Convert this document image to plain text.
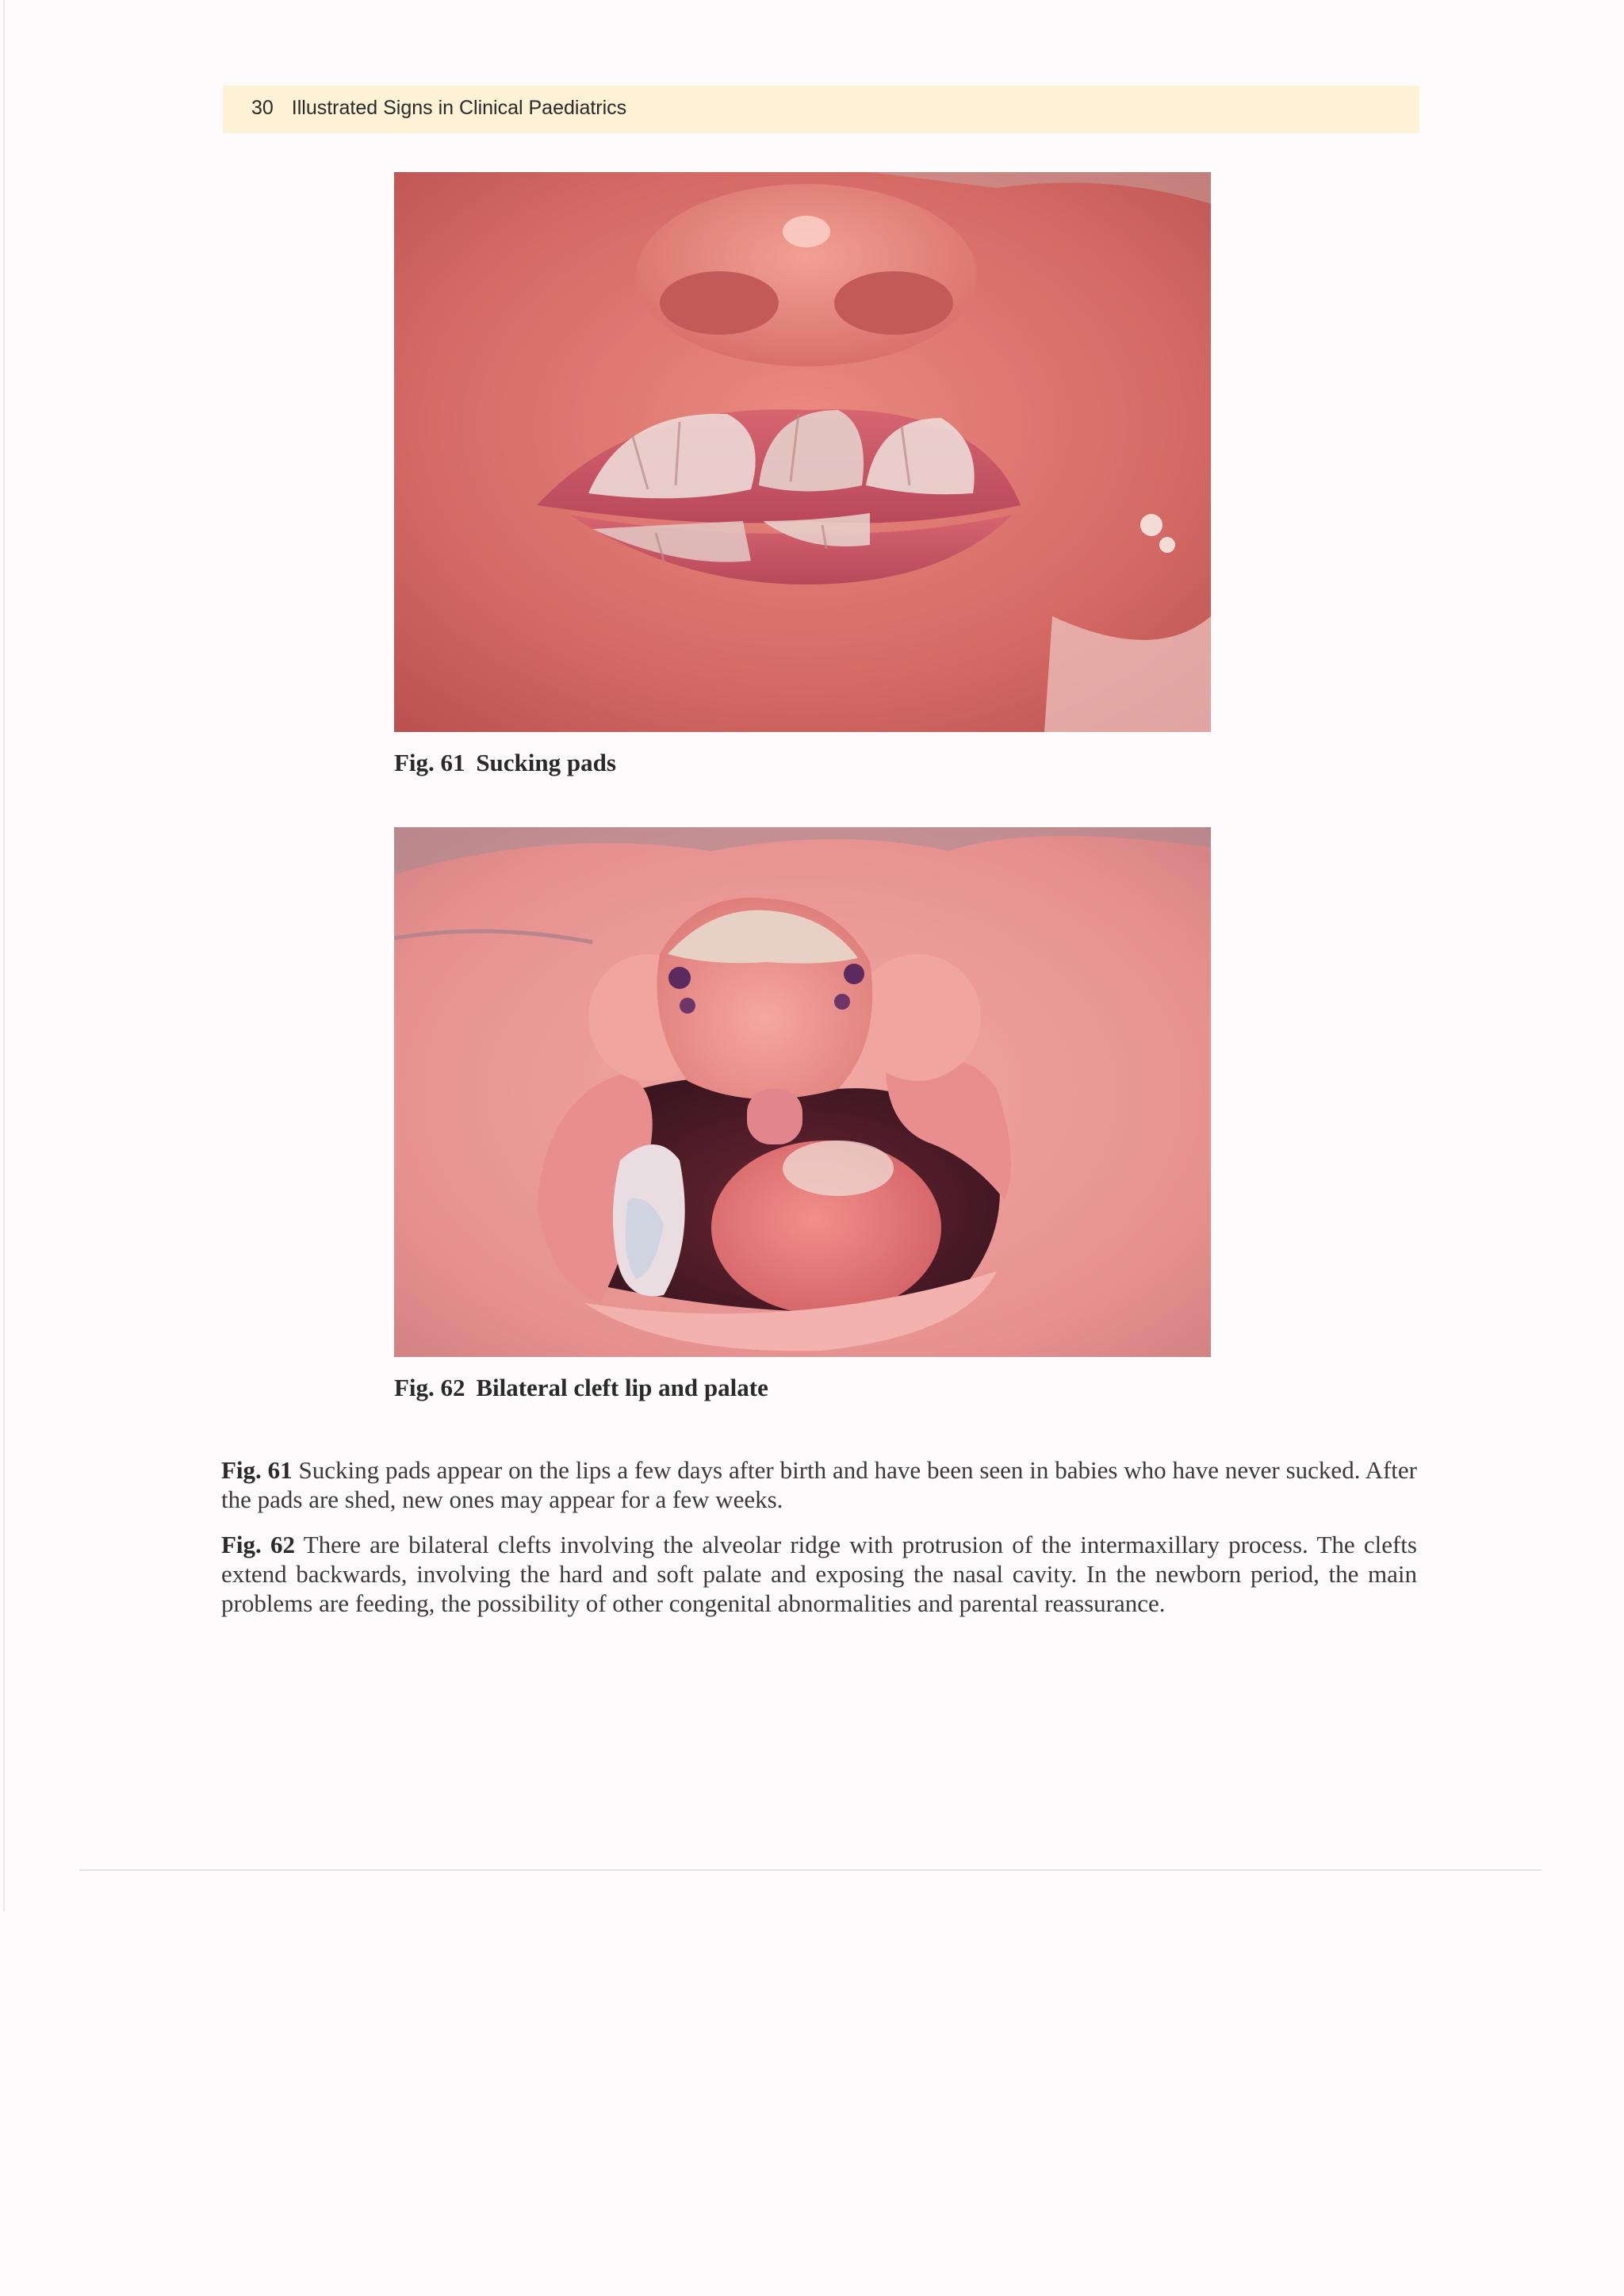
30 Illustrated Signs in Clinical Paediatrics
Fig. 61 Sucking pads
Fig. 62 Bilateral cleft lip and palate
Fig. 61 Sucking pads appear on the lips a few days after birth and have been seen in babies who have never sucked. After the pads are shed, new ones may appear for a few weeks.
Fig. 62 There are bilateral clefts involving the alveolar ridge with protrusion of the intermaxillary process. The clefts extend backwards, involving the hard and soft palate and exposing the nasal cavity. In the newborn period, the main problems are feeding, the possibility of other congenital abnormalities and parental reassurance.
